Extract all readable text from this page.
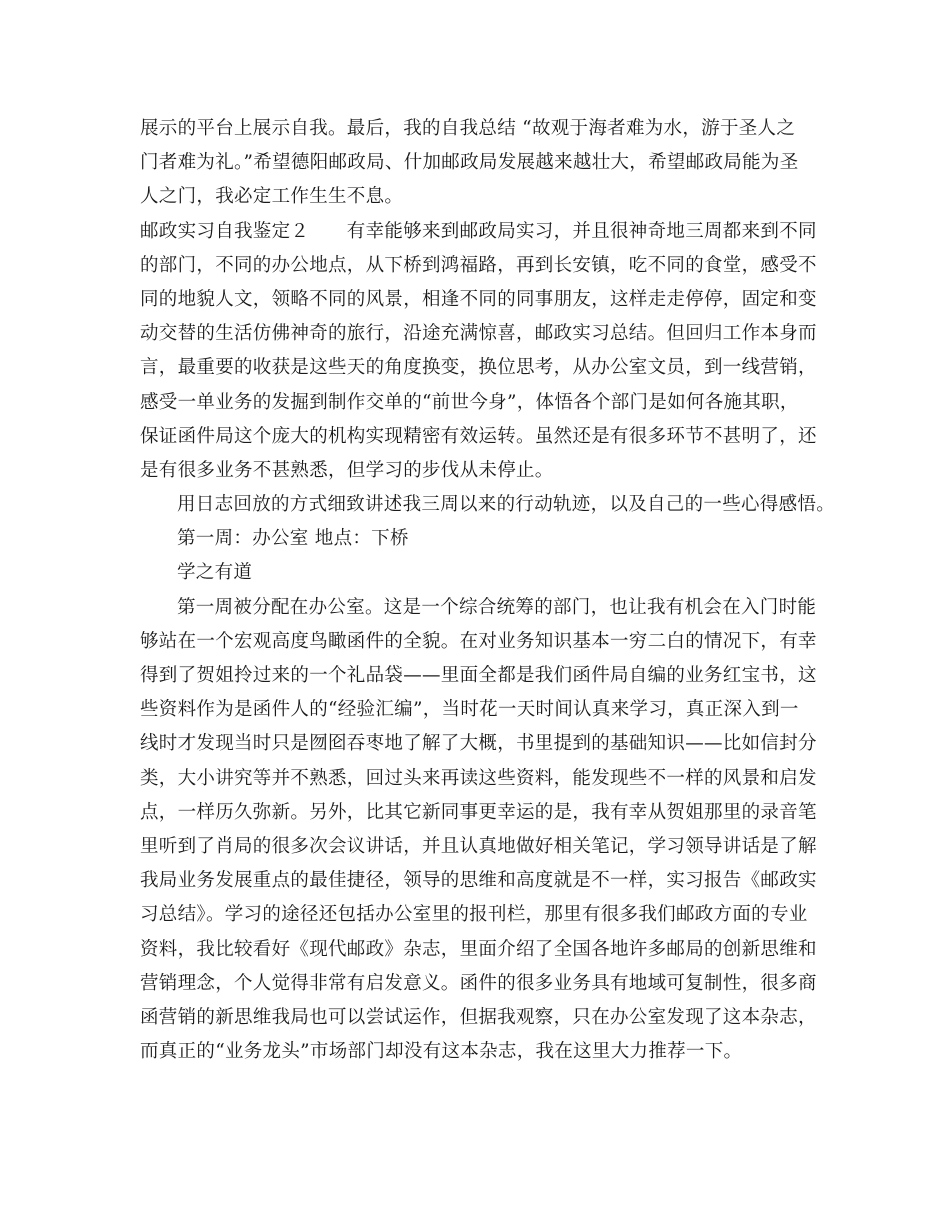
展示的平台上展示自我。最后，我的自我总结 “故观于海者难为水，游于圣人之
门者难为礼。”希望德阳邮政局、什加邮政局发展越来越壮大，希望邮政局能为圣
人之门，我必定工作生生不息。
邮政实习自我鉴定２　　有幸能够来到邮政局实习，并且很神奇地三周都来到不同
的部门，不同的办公地点，从下桥到鸿福路，再到长安镇，吃不同的食堂，感受不
同的地貌人文，领略不同的风景，相逢不同的同事朋友，这样走走停停，固定和变
动交替的生活仿佛神奇的旅行，沿途充满惊喜，邮政实习总结。但回归工作本身而
言，最重要的收获是这些天的角度换变，换位思考，从办公室文员，到一线营销，
感受一单业务的发掘到制作交单的“前世今身”，体悟各个部门是如何各施其职，
保证函件局这个庞大的机构实现精密有效运转。虽然还是有很多环节不甚明了，还
是有很多业务不甚熟悉，但学习的步伐从未停止。
用日志回放的方式细致讲述我三周以来的行动轨迹，以及自己的一些心得感悟。
第一周：办公室 地点：下桥
学之有道
第一周被分配在办公室。这是一个综合统筹的部门，也让我有机会在入门时能
够站在一个宏观高度鸟瞰函件的全貌。在对业务知识基本一穷二白的情况下，有幸
得到了贺姐拎过来的一个礼品袋——里面全都是我们函件局自编的业务红宝书，这
些资料作为是函件人的“经验汇编”，当时花一天时间认真来学习，真正深入到一
线时才发现当时只是囫囵吞枣地了解了大概，书里提到的基础知识——比如信封分
类，大小讲究等并不熟悉，回过头来再读这些资料，能发现些不一样的风景和启发
点，一样历久弥新。另外，比其它新同事更幸运的是，我有幸从贺姐那里的录音笔
里听到了肖局的很多次会议讲话，并且认真地做好相关笔记，学习领导讲话是了解
我局业务发展重点的最佳捷径，领导的思维和高度就是不一样，实习报告《邮政实
习总结》。学习的途径还包括办公室里的报刊栏，那里有很多我们邮政方面的专业
资料，我比较看好《现代邮政》杂志，里面介绍了全国各地许多邮局的创新思维和
营销理念，个人觉得非常有启发意义。函件的很多业务具有地域可复制性，很多商
函营销的新思维我局也可以尝试运作，但据我观察，只在办公室发现了这本杂志，
而真正的“业务龙头”市场部门却没有这本杂志，我在这里大力推荐一下。
